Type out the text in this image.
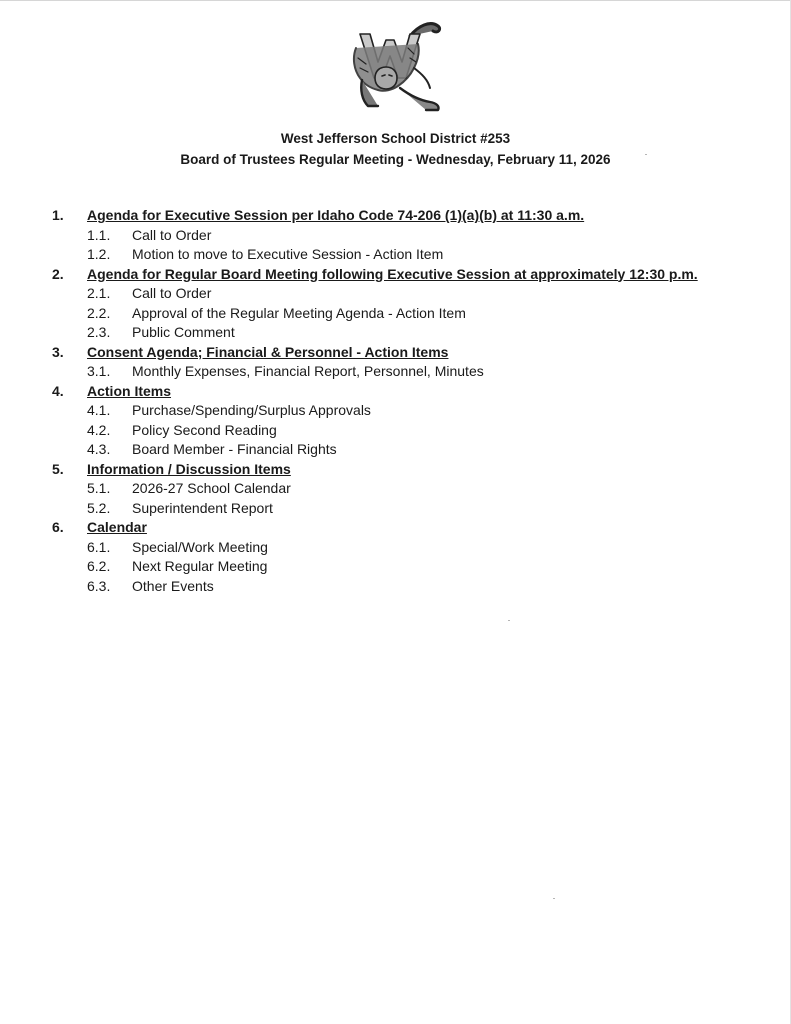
West Jefferson School District #253
Board of Trustees Regular Meeting - Wednesday, February 11, 2026
1. Agenda for Executive Session per Idaho Code 74-206 (1)(a)(b) at 11:30 a.m.
1.1. Call to Order
1.2. Motion to move to Executive Session - Action Item
2. Agenda for Regular Board Meeting following Executive Session at approximately 12:30 p.m.
2.1. Call to Order
2.2. Approval of the Regular Meeting Agenda - Action Item
2.3. Public Comment
3. Consent Agenda; Financial & Personnel - Action Items
3.1. Monthly Expenses, Financial Report, Personnel, Minutes
4. Action Items
4.1. Purchase/Spending/Surplus Approvals
4.2. Policy Second Reading
4.3. Board Member - Financial Rights
5. Information / Discussion Items
5.1. 2026-27 School Calendar
5.2. Superintendent Report
6. Calendar
6.1. Special/Work Meeting
6.2. Next Regular Meeting
6.3. Other Events
